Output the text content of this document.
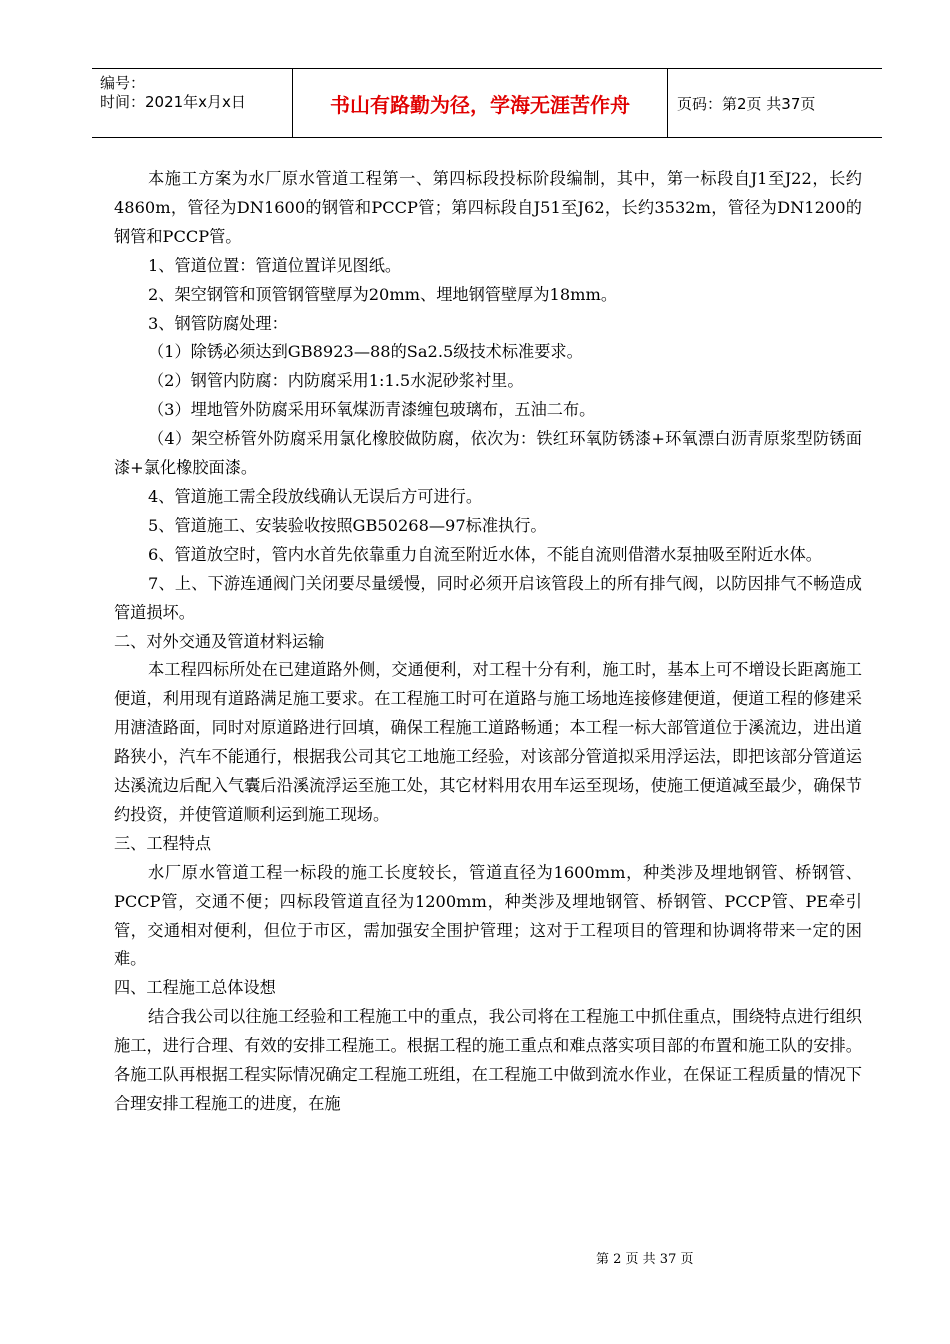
编号：
时间：2021年x月x日	书山有路勤为径，学海无涯苦作舟	页码：第2页 共37页

本施工方案为水厂原水管道工程第一、第四标段投标阶段编制，其中，第一标段自J1至J22，长约4860m，管径为DN1600的钢管和PCCP管；第四标段自J51至J62，长约3532m，管径为DN1200的钢管和PCCP管。

1、管道位置：管道位置详见图纸。

2、架空钢管和顶管钢管壁厚为20mm、埋地钢管壁厚为18mm。

3、钢管防腐处理：

（1）除锈必须达到GB8923—88的Sa2.5级技术标准要求。

（2）钢管内防腐：内防腐采用1:1.5水泥砂浆衬里。

（3）埋地管外防腐采用环氧煤沥青漆缠包玻璃布，五油二布。

（4）架空桥管外防腐采用氯化橡胶做防腐，依次为：铁红环氧防锈漆+环氧漂白沥青原浆型防锈面漆+氯化橡胶面漆。

4、管道施工需全段放线确认无误后方可进行。

5、管道施工、安装验收按照GB50268—97标准执行。

6、管道放空时，管内水首先依靠重力自流至附近水体，不能自流则借潜水泵抽吸至附近水体。

7、上、下游连通阀门关闭要尽量缓慢，同时必须开启该管段上的所有排气阀，以防因排气不畅造成管道损坏。

二、对外交通及管道材料运输

本工程四标所处在已建道路外侧，交通便利，对工程十分有利，施工时，基本上可不增设长距离施工便道，利用现有道路满足施工要求。在工程施工时可在道路与施工场地连接修建便道，便道工程的修建采用溏渣路面，同时对原道路进行回填，确保工程施工道路畅通；本工程一标大部管道位于溪流边，进出道路狭小，汽车不能通行，根据我公司其它工地施工经验，对该部分管道拟采用浮运法，即把该部分管道运达溪流边后配入气囊后沿溪流浮运至施工处，其它材料用农用车运至现场，使施工便道减至最少，确保节约投资，并使管道顺利运到施工现场。

三、工程特点

水厂原水管道工程一标段的施工长度较长，管道直径为1600mm，种类涉及埋地钢管、桥钢管、PCCP管，交通不便；四标段管道直径为1200mm，种类涉及埋地钢管、桥钢管、PCCP管、PE牵引管，交通相对便利，但位于市区，需加强安全围护管理；这对于工程项目的管理和协调将带来一定的困难。

四、工程施工总体设想

结合我公司以往施工经验和工程施工中的重点，我公司将在工程施工中抓住重点，围绕特点进行组织施工，进行合理、有效的安排工程施工。根据工程的施工重点和难点落实项目部的布置和施工队的安排。各施工队再根据工程实际情况确定工程施工班组，在工程施工中做到流水作业，在保证工程质量的情况下合理安排工程施工的进度，在施

第 2 页 共 37 页
